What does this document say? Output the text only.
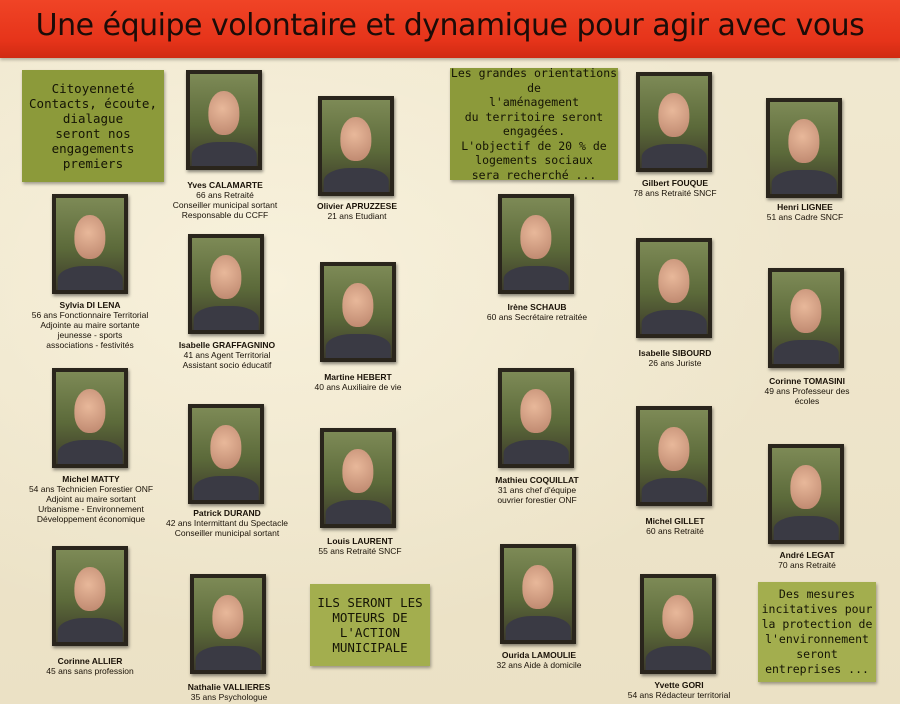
Une équipe volontaire et dynamique pour agir avec vous
Citoyenneté
Contacts, écoute,
dialague
seront nos
engagements premiers
Les grandes orientations de
l'aménagement
du territoire seront engagées.
L'objectif de 20 % de
logements sociaux
sera recherché ...
ILS SERONT LES
MOTEURS DE
L'ACTION
MUNICIPALE
Des mesures
incitatives pour
la protection de
l'environnement
seront entreprises ...
Yves CALAMARTE
66 ans Retraité
Conseiller municipal sortant
Responsable du CCFF
Olivier APRUZZESE
21 ans Etudiant
Sylvia DI LENA
56 ans Fonctionnaire Territorial
Adjointe au maire sortante
jeunesse - sports
associations - festivités	Isabelle GRAFFAGNINO
41 ans Agent Territorial
Assistant socio éducatif
Martine HEBERT
40 ans Auxiliaire de vie
Michel MATTY
54 ans Technicien Forestier ONF
Adjoint au maire sortant
Urbanisme - Environnement
Développement économique
Patrick DURAND
42 ans Intermittant du Spectacle
Conseiller municipal sortant
Louis LAURENT
55 ans Retraité SNCF
Corinne ALLIER
45 ans sans profession
Nathalie VALLIERES
35 ans Psychologue
Gilbert FOUQUE
78 ans Retraité SNCF
Henri LIGNEE
51 ans Cadre SNCF
Irène SCHAUB
60 ans Secrétaire retraitée
Isabelle SIBOURD
26 ans Juriste
Corinne TOMASINI
49 ans Professeur des
écoles
Mathieu COQUILLAT
31 ans chef d'équipe
ouvrier forestier ONF
Michel GILLET
60 ans Retraité
André LEGAT
70 ans Retraité
Ourida LAMOULIE
32 ans Aide à domicile
Yvette GORI
54 ans Rédacteur territorial
